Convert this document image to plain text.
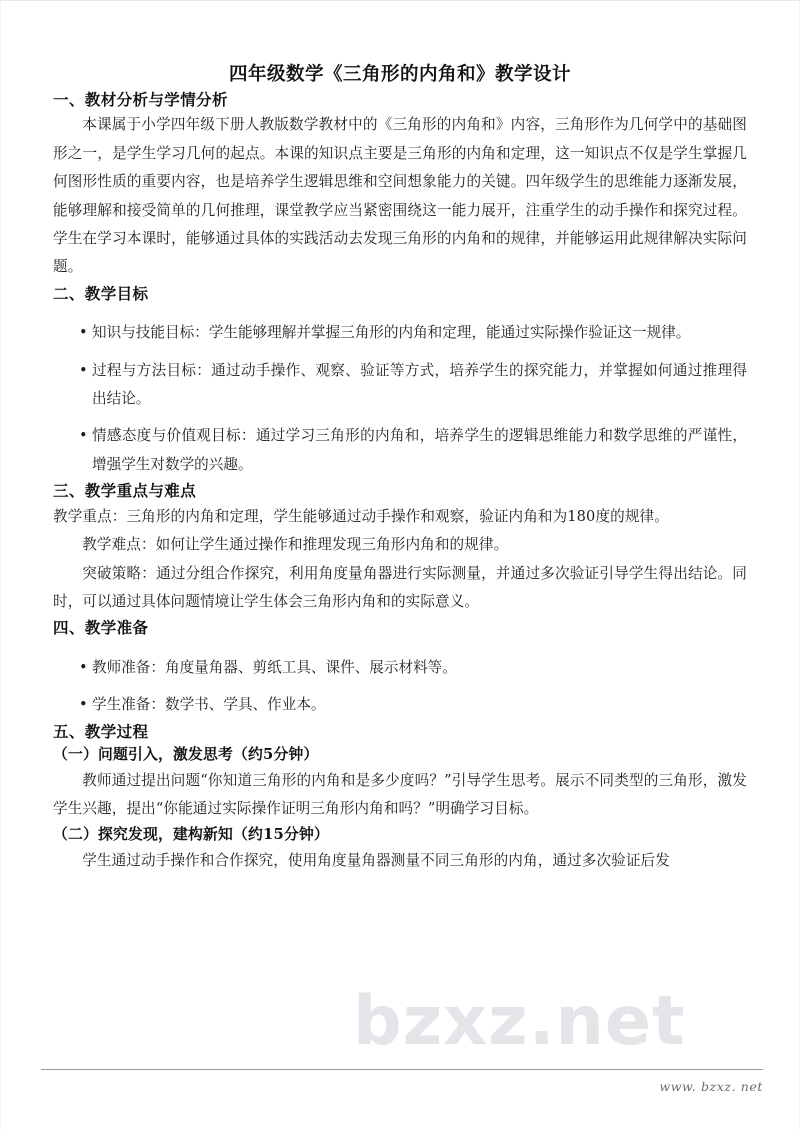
bzxz.net
四年级数学《三角形的内角和》教学设计
一、教材分析与学情分析

本课属于小学四年级下册人教版数学教材中的《三角形的内角和》内容，三角形作为几何学中的基础图形之一，是学生学习几何的起点。本课的知识点主要是三角形的内角和定理，这一知识点不仅是学生掌握几何图形性质的重要内容，也是培养学生逻辑思维和空间想象能力的关键。四年级学生的思维能力逐渐发展，能够理解和接受简单的几何推理，课堂教学应当紧密围绕这一能力展开，注重学生的动手操作和探究过程。学生在学习本课时，能够通过具体的实践活动去发现三角形的内角和的规律，并能够运用此规律解决实际问题。

二、教学目标
• 知识与技能目标：学生能够理解并掌握三角形的内角和定理，能通过实际操作验证这一规律。
• 过程与方法目标：通过动手操作、观察、验证等方式，培养学生的探究能力，并掌握如何通过推理得出结论。
• 情感态度与价值观目标：通过学习三角形的内角和，培养学生的逻辑思维能力和数学思维的严谨性，增强学生对数学的兴趣。
三、教学重点与难点

教学重点：三角形的内角和定理，学生能够通过动手操作和观察，验证内角和为180度的规律。

教学难点：如何让学生通过操作和推理发现三角形内角和的规律。

突破策略：通过分组合作探究，利用角度量角器进行实际测量，并通过多次验证引导学生得出结论。同时，可以通过具体问题情境让学生体会三角形内角和的实际意义。

四、教学准备
• 教师准备：角度量角器、剪纸工具、课件、展示材料等。
• 学生准备：数学书、学具、作业本。
五、教学过程
（一）问题引入，激发思考（约5分钟）

教师通过提出问题“你知道三角形的内角和是多少度吗？”引导学生思考。展示不同类型的三角形，激发学生兴趣，提出“你能通过实际操作证明三角形内角和吗？”明确学习目标。

（二）探究发现，建构新知（约15分钟）

学生通过动手操作和合作探究，使用角度量角器测量不同三角形的内角，通过多次验证后发

www. bzxz. net
